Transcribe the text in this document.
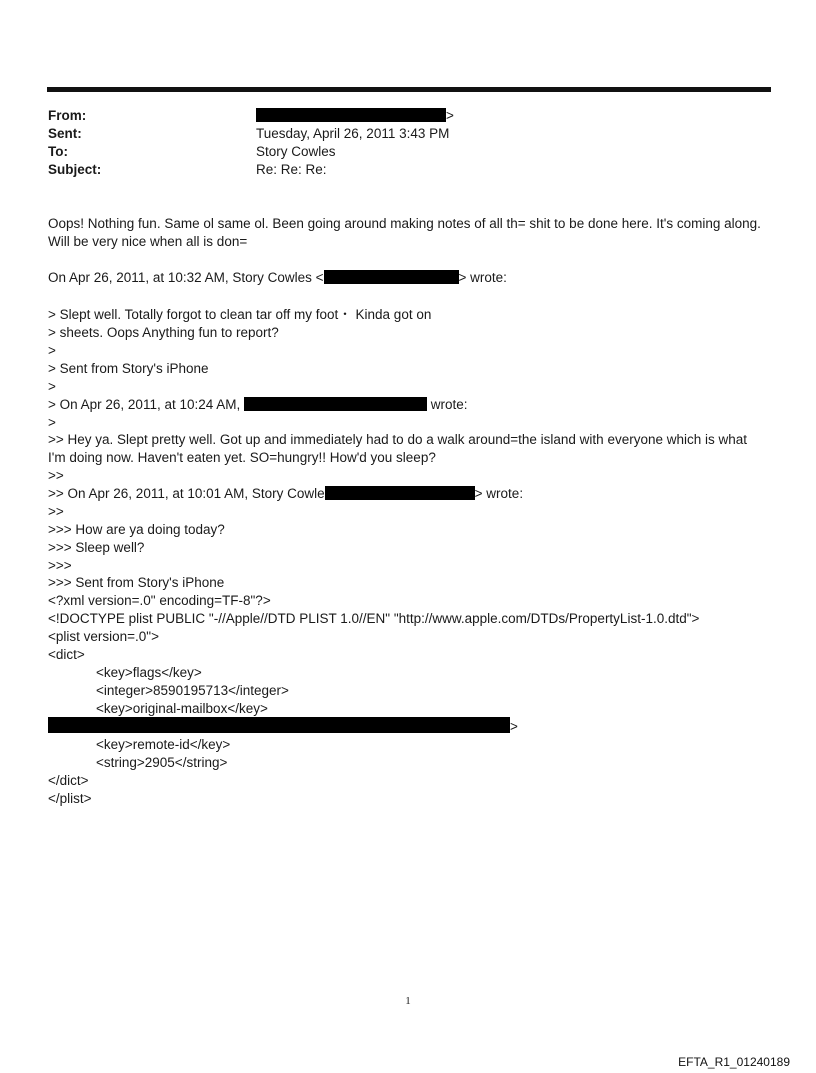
From:	>
Sent:	Tuesday, April 26, 2011 3:43 PM
To:	Story Cowles
Subject:	Re: Re: Re:
Oops! Nothing fun. Same ol same ol. Been going around making notes of all th= shit to be done here. It's coming along. Will be very nice when all is don=
On Apr 26, 2011, at 10:32 AM, Story Cowles <	> wrote:
> Slept well. Totally forgot to clean tar off my foot・ Kinda got on
> sheets. Oops Anything fun to report?
>
> Sent from Story's iPhone
>
> On Apr 26, 2011, at 10:24 AM,	wrote:
>
>> Hey ya. Slept pretty well. Got up and immediately had to do a walk around=the island with everyone which is what I'm doing now. Haven't eaten yet. SO=hungry!! How'd you sleep?
>>
>> On Apr 26, 2011, at 10:01 AM, Story Cowle	> wrote:
>>
>>> How are ya doing today?
>>> Sleep well?
>>>
>>> Sent from Story's iPhone
<?xml version=.0" encoding=TF-8"?>
<!DOCTYPE plist PUBLIC "-//Apple//DTD PLIST 1.0//EN" "http://www.apple.com/DTDs/PropertyList-1.0.dtd">
<plist version=.0">
<dict>
<key>flags</key>
<integer>8590195713</integer>
<key>original-mailbox</key>
>
<key>remote-id</key>
<string>2905</string>
</dict>
</plist>
1
EFTA_R1_01240189
